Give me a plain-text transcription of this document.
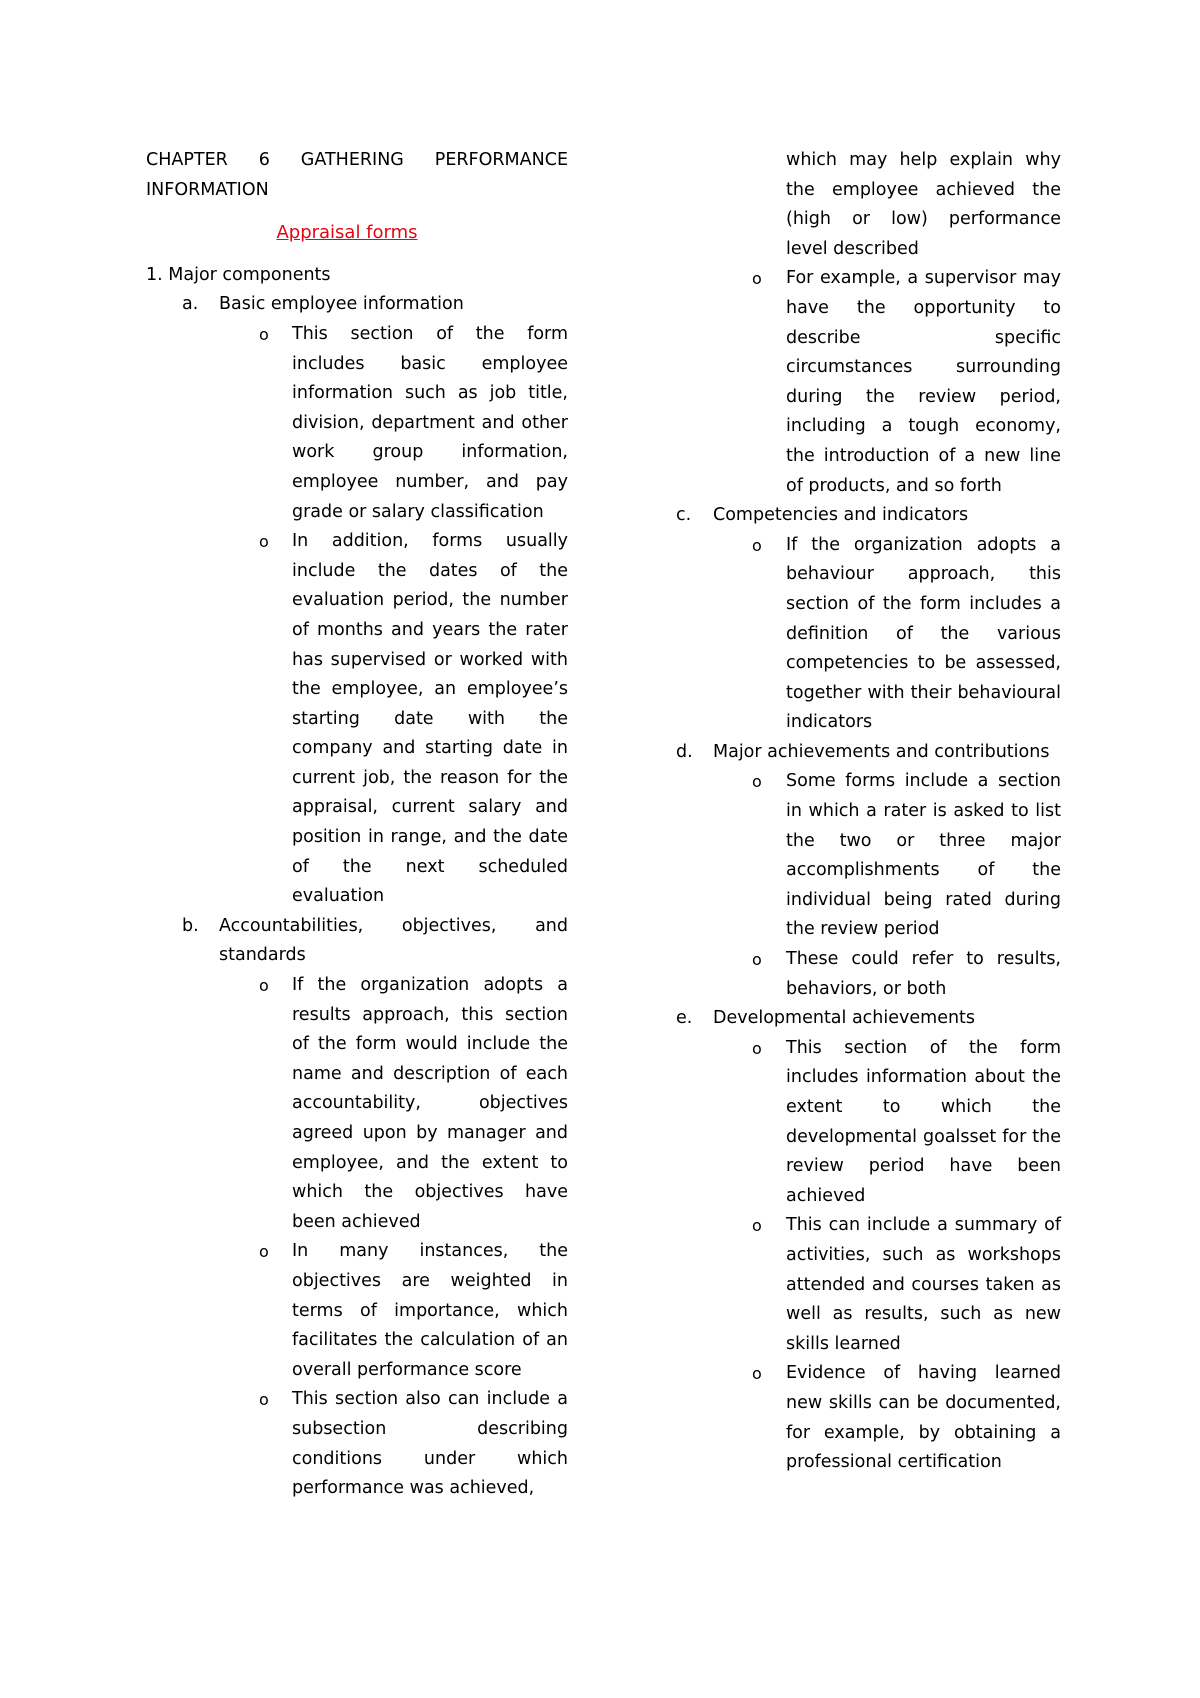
CHAPTER 6 GATHERING PERFORMANCE INFORMATION

Appraisal forms

1. Major components

a. Basic employee information
o This section of the form includes basic employee information such as job title, division, department and other work group information, employee number, and pay grade or salary classification
o In addition, forms usually include the dates of the evaluation period, the number of months and years the rater has supervised or worked with the employee, an employee’s starting date with the company and starting date in current job, the reason for the appraisal, current salary and position in range, and the date of the next scheduled evaluation
b. Accountabilities, objectives, and standards
o If the organization adopts a results approach, this section of the form would include the name and description of each accountability, objectives agreed upon by manager and employee, and the extent to which the objectives have been achieved
o In many instances, the objectives are weighted in terms of importance, which facilitates the calculation of an overall performance score
o This section also can include a subsection describing conditions under which performance was achieved,
which may help explain why the employee achieved the (high or low) performance level described
o For example, a supervisor may have the opportunity to describe specific circumstances surrounding during the review period, including a tough economy, the introduction of a new line of products, and so forth
c. Competencies and indicators
o If the organization adopts a behaviour approach, this section of the form includes a definition of the various competencies to be assessed, together with their behavioural indicators
d. Major achievements and contributions
o Some forms include a section in which a rater is asked to list the two or three major accomplishments of the individual being rated during the review period
o These could refer to results, behaviors, or both
e. Developmental achievements
o This section of the form includes information about the extent to which the developmental goalsset for the review period have been achieved
o This can include a summary of activities, such as workshops attended and courses taken as well as results, such as new skills learned
o Evidence of having learned new skills can be documented, for example, by obtaining a professional certification
